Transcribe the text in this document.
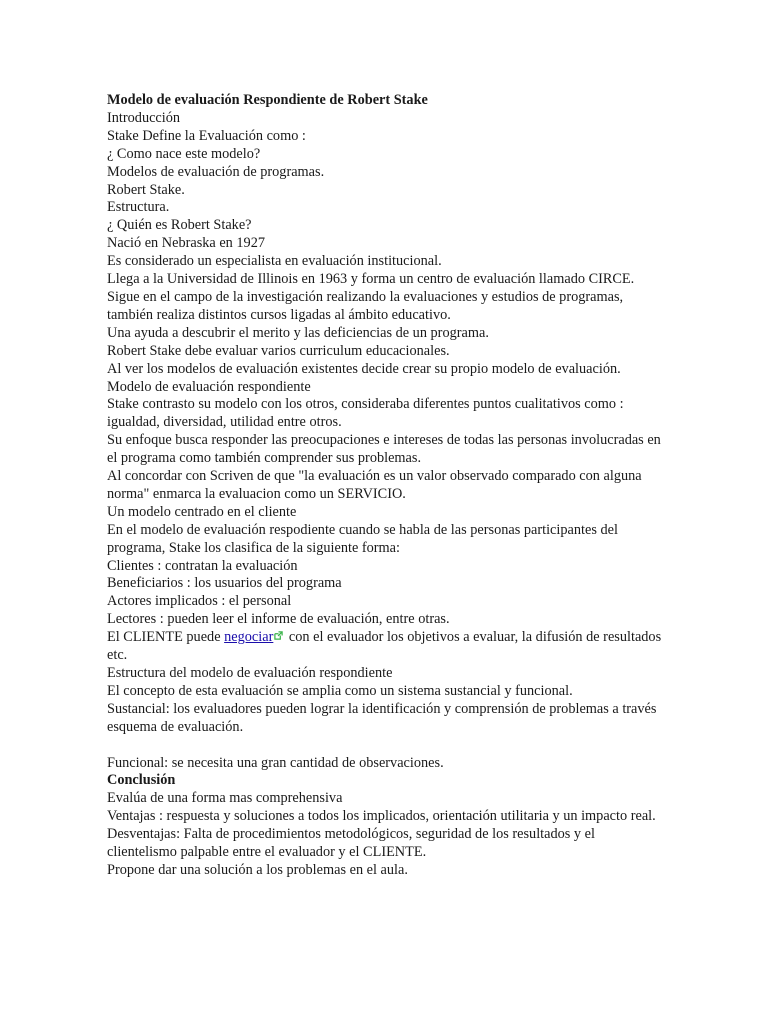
Modelo de evaluación Respondiente de Robert Stake

Introducción

Stake Define la Evaluación como :

¿ Como nace este modelo?

Modelos de evaluación de programas.

Robert Stake.

Estructura.

¿ Quién es Robert Stake?

Nació en Nebraska en 1927

Es considerado un especialista en evaluación institucional.

Llega a la Universidad de Illinois en 1963 y forma un centro de evaluación llamado CIRCE.

Sigue en el campo de la investigación realizando la evaluaciones y estudios de programas, también realiza distintos cursos ligadas al ámbito educativo.

Una ayuda a descubrir el merito y las deficiencias de un programa.

Robert Stake debe evaluar varios curriculum educacionales.

Al ver los modelos de evaluación existentes decide crear su propio modelo de evaluación.

Modelo de evaluación respondiente

Stake contrasto su modelo con los otros, consideraba diferentes puntos cualitativos como : igualdad, diversidad, utilidad entre otros.

Su enfoque busca responder las preocupaciones e intereses de todas las personas involucradas en el programa como también comprender sus problemas.

Al concordar con Scriven de que "la evaluación es un valor observado comparado con alguna norma" enmarca la evaluacion como un SERVICIO.

Un modelo centrado en el cliente

En el modelo de evaluación respodiente cuando se habla de las personas participantes del programa, Stake los clasifica de la siguiente forma:

Clientes : contratan la evaluación

Beneficiarios : los usuarios del programa

Actores implicados : el personal

Lectores : pueden leer el informe de evaluación, entre otras.

El CLIENTE puede negociar con el evaluador los objetivos a evaluar, la difusión de resultados etc.

Estructura del modelo de evaluación respondiente

El concepto de esta evaluación se amplia como un sistema sustancial y funcional.

Sustancial: los evaluadores pueden lograr la identificación y comprensión de problemas a través esquema de evaluación.

Funcional: se necesita una gran cantidad de observaciones.

Conclusión

Evalúa de una forma mas comprehensiva

Ventajas : respuesta y soluciones a todos los implicados, orientación utilitaria y un impacto real.

Desventajas: Falta de procedimientos metodológicos, seguridad de los resultados y el clientelismo palpable entre el evaluador y el CLIENTE.

Propone dar una solución a los problemas en el aula.
